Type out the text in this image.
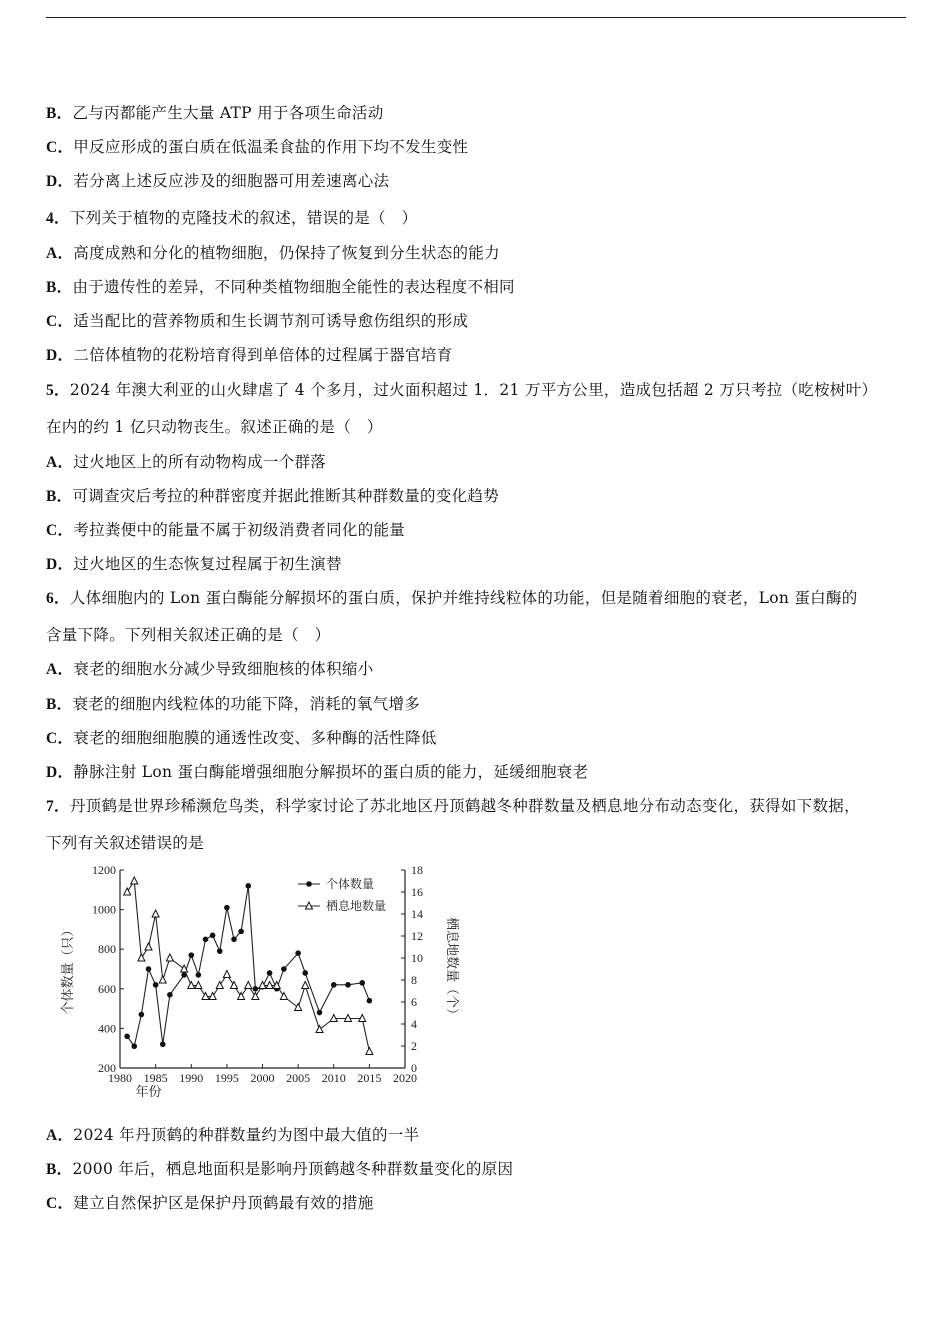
B．乙与丙都能产生大量 ATP 用于各项生命活动
C．甲反应形成的蛋白质在低温柔食盐的作用下均不发生变性
D．若分离上述反应涉及的细胞器可用差速离心法
4．下列关于植物的克隆技术的叙述，错误的是（　）
A．高度成熟和分化的植物细胞，仍保持了恢复到分生状态的能力
B．由于遗传性的差异，不同种类植物细胞全能性的表达程度不相同
C．适当配比的营养物质和生长调节剂可诱导愈伤组织的形成
D．二倍体植物的花粉培育得到单倍体的过程属于器官培育
5．2024 年澳大利亚的山火肆虐了 4 个多月，过火面积超过 1．21 万平方公里，造成包括超 2 万只考拉（吃桉树叶）
在内的约 1 亿只动物丧生。叙述正确的是（　）
A．过火地区上的所有动物构成一个群落
B．可调查灾后考拉的种群密度并据此推断其种群数量的变化趋势
C．考拉粪便中的能量不属于初级消费者同化的能量
D．过火地区的生态恢复过程属于初生演替
6．人体细胞内的 Lon 蛋白酶能分解损坏的蛋白质，保护并维持线粒体的功能，但是随着细胞的衰老，Lon 蛋白酶的
含量下降。下列相关叙述正确的是（　）
A．衰老的细胞水分减少导致细胞核的体积缩小
B．衰老的细胞内线粒体的功能下降，消耗的氧气增多
C．衰老的细胞细胞膜的通透性改变、多种酶的活性降低
D．静脉注射 Lon 蛋白酶能增强细胞分解损坏的蛋白质的能力，延缓细胞衰老
7．丹顶鹤是世界珍稀濒危鸟类，科学家讨论了苏北地区丹顶鹤越冬种群数量及栖息地分布动态变化，获得如下数据，
下列有关叙述错误的是
A．2024 年丹顶鹤的种群数量约为图中最大值的一半
B．2000 年后，栖息地面积是影响丹顶鹤越冬种群数量变化的原因
C．建立自然保护区是保护丹顶鹤最有效的措施
1980 1985 1990 1995 2000 2005 2010 2015 2020
200
400
600
800
1000
1200
0
2
4
6
8
10
12
14
16
18
年份
个体数量（只）	栖息地数量（个）
个体数量
栖息地数量
